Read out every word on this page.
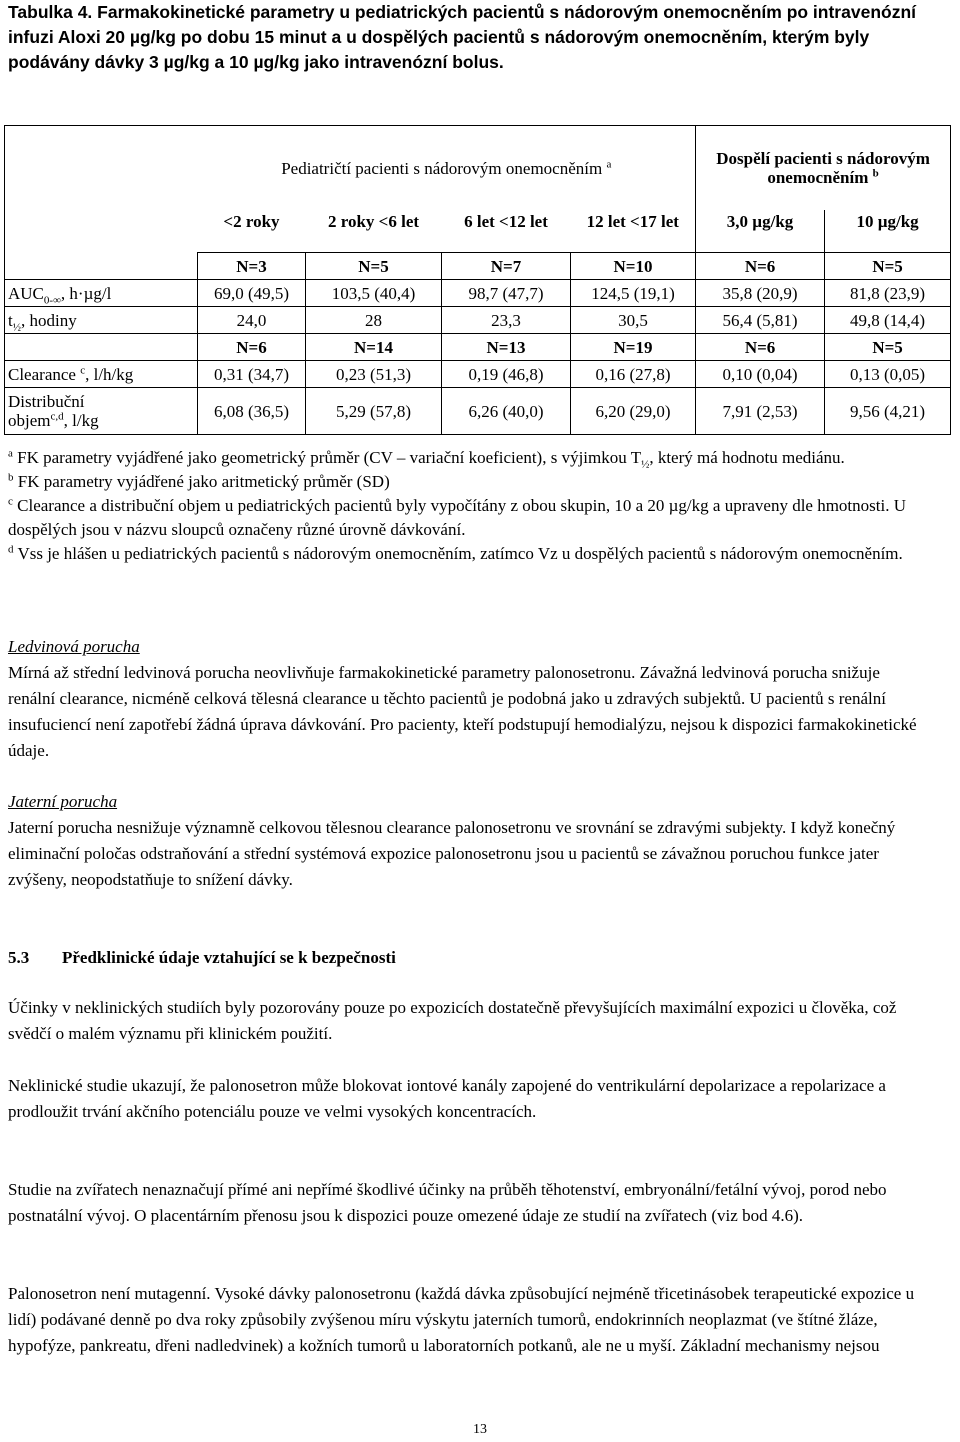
Tabulka 4. Farmakokinetické parametry u pediatrických pacientů s nádorovým onemocněním po intravenózní infuzi Aloxi 20 µg/kg po dobu 15 minut a u dospělých pacientů s nádorovým onemocněním, kterým byly podávány dávky 3 µg/kg a 10 µg/kg jako intravenózní bolus.
	Pediatričtí pacienti s nádorovým onemocněním $^a$				Dospělí pacienti s nádorovým onemocněním $^b$
	<2 roky	2 roky <6 let	6 let <12 let	12 let <17 let	3,0 µg/kg	10 µg/kg
	N=3	N=5	N=7	N=10	N=6	N=5
$AUC_{0-\infty}$, h·µg/l	69,0 (49,5)	103,5 (40,4)	98,7 (47,7)	124,5 (19,1)	35,8 (20,9)	81,8 (23,9)
$t_{\frac{1}{2}}$, hodiny	24,0	28	23,3	30,5	56,4 (5,81)	49,8 (14,4)
	N=6	N=14	N=13	N=19	N=6	N=5
Clearance $^c$, l/h/kg	0,31 (34,7)	0,23 (51,3)	0,19 (46,8)	0,16 (27,8)	0,10 (0,04)	0,13 (0,05)
Distribuční
objem$^{c,d}$, l/kg	6,08 (36,5)	5,29 (57,8)	6,26 (40,0)	6,20 (29,0)	7,91 (2,53)	9,56 (4,21)

$^a$ FK parametry vyjádřené jako geometrický průměr (CV – variační koeficient), s výjimkou $T_{\frac{1}{2}}$, který má hodnotu mediánu.

$^b$ FK parametry vyjádřené jako aritmetický průměr (SD)

$^c$ Clearance a distribuční objem u pediatrických pacientů byly vypočítány z obou skupin, 10 a 20 µg/kg a upraveny dle hmotnosti. U dospělých jsou v názvu sloupců označeny různé úrovně dávkování.

$^d$ Vss je hlášen u pediatrických pacientů s nádorovým onemocněním, zatímco Vz u dospělých pacientů s nádorovým onemocněním.

Ledvinová porucha
Mírná až střední ledvinová porucha neovlivňuje farmakokinetické parametry palonosetronu. Závažná ledvinová porucha snižuje renální clearance, nicméně celková tělesná clearance u těchto pacientů je podobná jako u zdravých subjektů. U pacientů s renální insufuciencí není zapotřebí žádná úprava dávkování. Pro pacienty, kteří podstupují hemodialýzu, nejsou k dispozici farmakokinetické údaje.
Jaterní porucha
Jaterní porucha nesnižuje významně celkovou tělesnou clearance palonosetronu ve srovnání se zdravými subjekty. I když konečný eliminační poločas odstraňování a střední systémová expozice palonosetronu jsou u pacientů se závažnou poruchou funkce jater zvýšeny, neopodstatňuje to snížení dávky.
5.3 Předklinické údaje vztahující se k bezpečnosti

Účinky v neklinických studiích byly pozorovány pouze po expozicích dostatečně převyšujících maximální expozici u člověka, což svědčí o malém významu při klinickém použití.

Neklinické studie ukazují, že palonosetron může blokovat iontové kanály zapojené do ventrikulární depolarizace a repolarizace a prodloužit trvání akčního potenciálu pouze ve velmi vysokých koncentracích.

Studie na zvířatech nenaznačují přímé ani nepřímé škodlivé účinky na průběh těhotenství, embryonální/fetální vývoj, porod nebo postnatální vývoj. O placentárním přenosu jsou k dispozici pouze omezené údaje ze studií na zvířatech (viz bod 4.6).

Palonosetron není mutagenní. Vysoké dávky palonosetronu (každá dávka způsobující nejméně třicetinásobek terapeutické expozice u lidí) podávané denně po dva roky způsobily zvýšenou míru výskytu jaterních tumorů, endokrinních neoplazmat (ve štítné žláze, hypofýze, pankreatu, dřeni nadledvinek) a kožních tumorů u laboratorních potkanů, ale ne u myší. Základní mechanismy nejsou

13
